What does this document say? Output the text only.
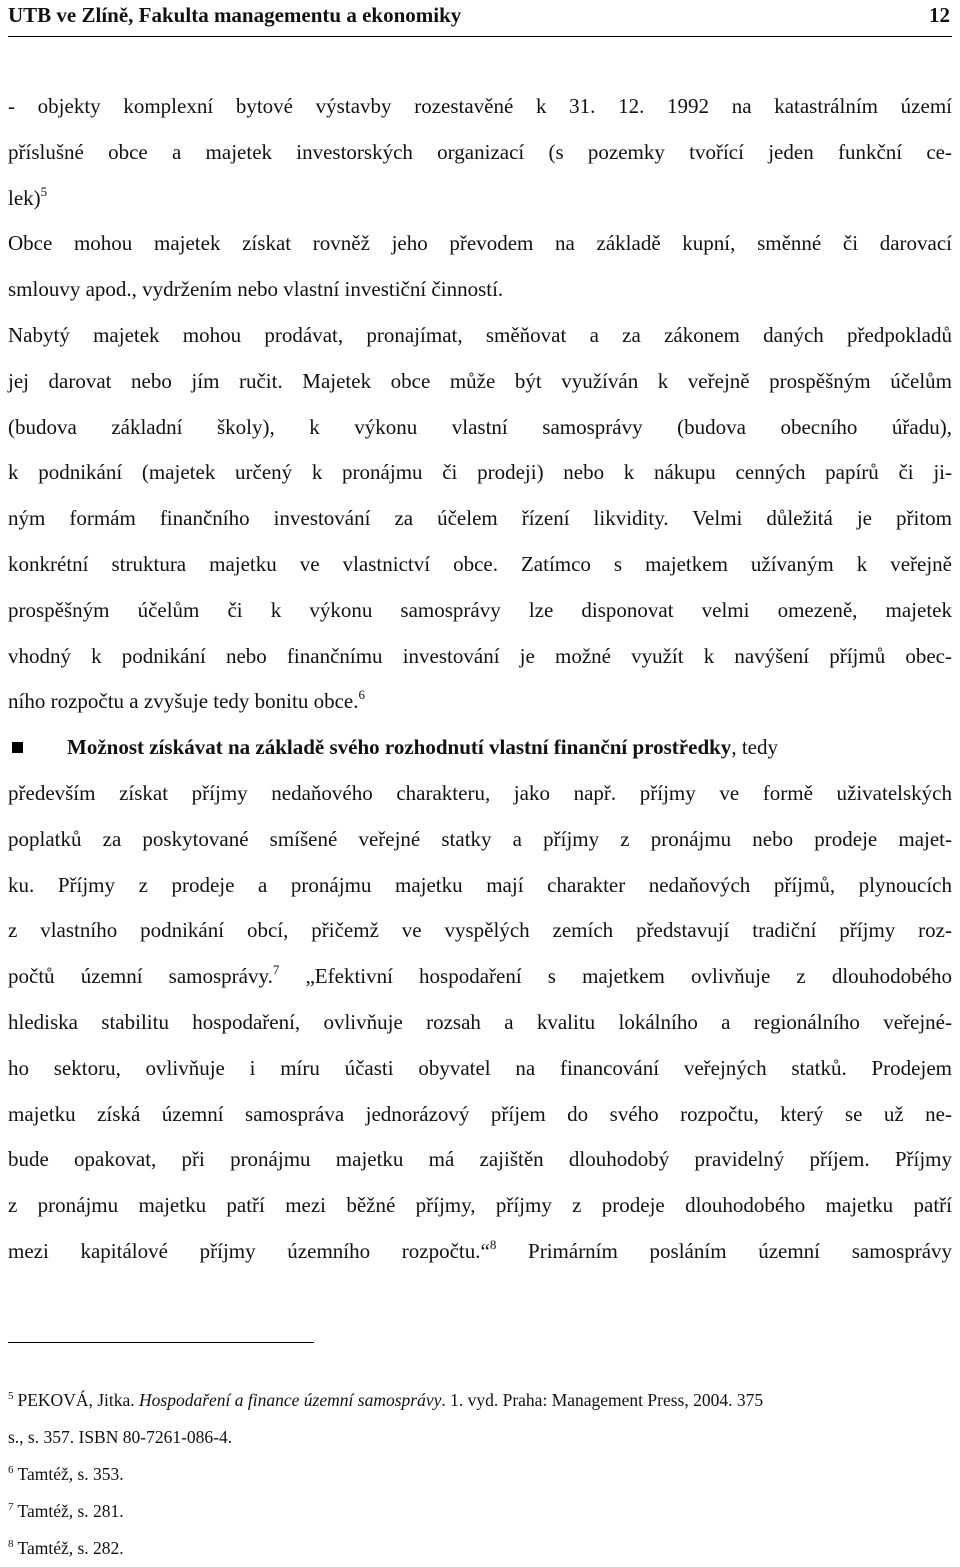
UTB ve Zlíně, Fakulta managementu a ekonomiky	12
- objekty komplexní bytové výstavby rozestavěné k 31. 12. 1992 na katastrálním území
příslušné obce a majetek investorských organizací (s pozemky tvořící jeden funkční ce-
lek)$^5$
Obce mohou majetek získat rovněž jeho převodem na základě kupní, směnné či darovací
smlouvy apod., vydržením nebo vlastní investiční činností.
Nabytý majetek mohou prodávat, pronajímat, směňovat a za zákonem daných předpokladů
jej darovat nebo jím ručit. Majetek obce může být využíván k veřejně prospěšným účelům
(budova základní školy), k výkonu vlastní samosprávy (budova obecního úřadu),
k podnikání (majetek určený k pronájmu či prodeji) nebo k nákupu cenných papírů či ji-
ným formám finančního investování za účelem řízení likvidity. Velmi důležitá je přitom
konkrétní struktura majetku ve vlastnictví obce. Zatímco s majetkem užívaným k veřejně
prospěšným účelům či k výkonu samosprávy lze disponovat velmi omezeně, majetek
vhodný k podnikání nebo finančnímu investování je možné využít k navýšení příjmů obec-
ního rozpočtu a zvyšuje tedy bonitu obce.$^6$
Možnost získávat na základě svého rozhodnutí vlastní finanční prostředky, tedy
především získat příjmy nedaňového charakteru, jako např. příjmy ve formě uživatelských
poplatků za poskytované smíšené veřejné statky a příjmy z pronájmu nebo prodeje majet-
ku. Příjmy z prodeje a pronájmu majetku mají charakter nedaňových příjmů, plynoucích
z vlastního podnikání obcí, přičemž ve vyspělých zemích představují tradiční příjmy roz-
počtů územní samosprávy.$^7$ „Efektivní hospodaření s majetkem ovlivňuje z dlouhodobého
hlediska stabilitu hospodaření, ovlivňuje rozsah a kvalitu lokálního a regionálního veřejné-
ho sektoru, ovlivňuje i míru účasti obyvatel na financování veřejných statků. Prodejem
majetku získá územní samospráva jednorázový příjem do svého rozpočtu, který se už ne-
bude opakovat, při pronájmu majetku má zajištěn dlouhodobý pravidelný příjem. Příjmy
z pronájmu majetku patří mezi běžné příjmy, příjmy z prodeje dlouhodobého majetku patří
mezi kapitálové příjmy územního rozpočtu.“$^8$ Primárním posláním územní samosprávy
$^5$ PEKOVÁ, Jitka. Hospodaření a finance územní samosprávy. 1. vyd. Praha: Management Press, 2004. 375
s., s. 357. ISBN 80-7261-086-4.
$^6$ Tamtéž, s. 353.
$^7$ Tamtéž, s. 281.
$^8$ Tamtéž, s. 282.
